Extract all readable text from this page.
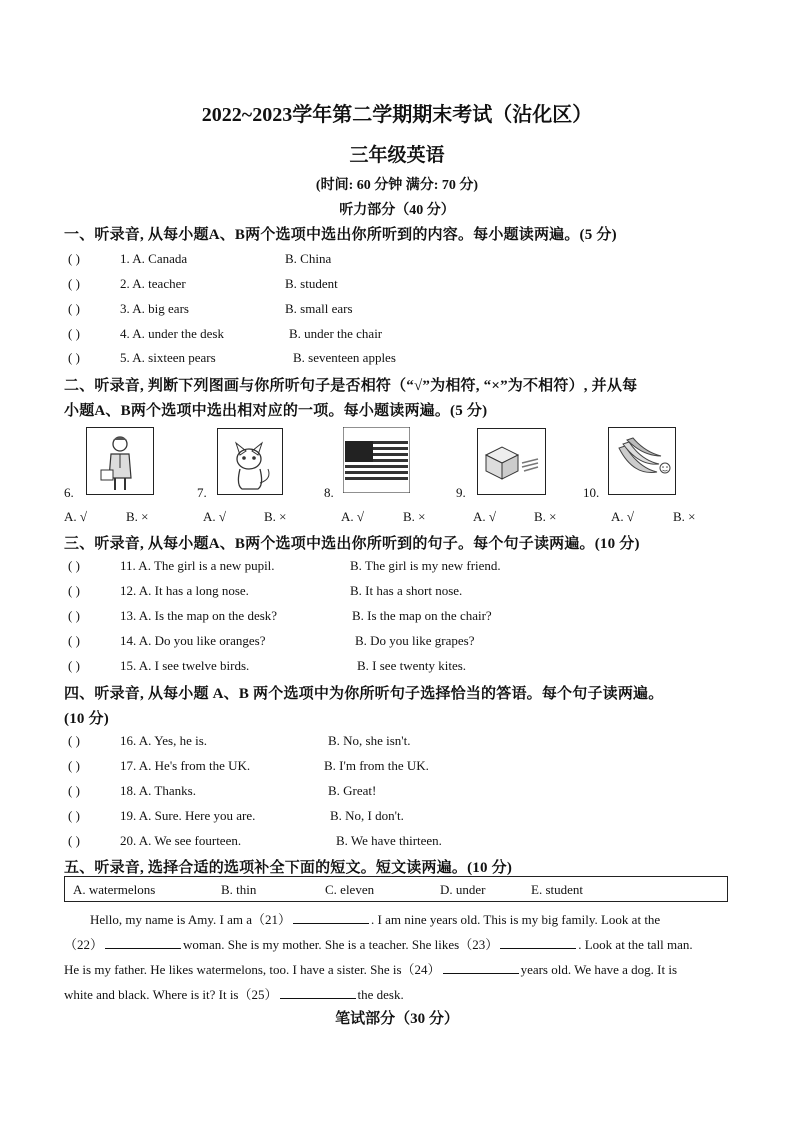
2022~2023学年第二学期期末考试（沾化区）
三年级英语
(时间: 60 分钟 满分: 70 分)
听力部分（40 分）
一、听录音, 从每小题A、B两个选项中选出你所听到的内容。每小题读两遍。(5 分)
( )	1. A. Canada	B. China
( )	2. A. teacher	B. student
( )	3. A. big ears	B. small ears
( )	4. A. under the desk	B. under the chair
( )	5. A. sixteen pears	B. seventeen apples
二、听录音, 判断下列图画与你所听句子是否相符（“√”为相符, “×”为不相符）, 并从每
小题A、B两个选项中选出相对应的一项。每小题读两遍。(5 分)
6.	7.	8.	9.	10.
A. √	B. ×	A. √	B. ×	A. √	B. ×	A. √	B. ×	A. √	B. ×
三、听录音, 从每小题A、B两个选项中选出你所听到的句子。每个句子读两遍。(10 分)
( )	11. A. The girl is a new pupil.	B. The girl is my new friend.
( )	12. A. It has a long nose.	B. It has a short nose.
( )	13. A. Is the map on the desk?	B. Is the map on the chair?
( )	14. A. Do you like oranges?	B. Do you like grapes?
( )	15. A. I see twelve birds.	B. I see twenty kites.
四、听录音, 从每小题 A、B 两个选项中为你所听句子选择恰当的答语。每个句子读两遍。
(10 分)
( )	16. A. Yes, he is.	B. No, she isn't.
( )	17. A. He's from the UK.	B. I'm from the UK.
( )	18. A. Thanks.	B. Great!
( )	19. A. Sure. Here you are.	B. No, I don't.
( )	20. A. We see fourteen.	B. We have thirteen.
五、听录音, 选择合适的选项补全下面的短文。短文读两遍。(10 分)
A. watermelons	B. thin	C. eleven	D. under	E. student
Hello, my name is Amy. I am a（21）	. I am nine years old. This is my big family. Look at the
（22）	woman. She is my mother. She is a teacher. She likes（23）	. Look at the tall man.
He is my father. He likes watermelons, too. I have a sister. She is（24）	years old. We have a dog. It is
white and black. Where is it? It is（25）	the desk.
笔试部分（30 分）
